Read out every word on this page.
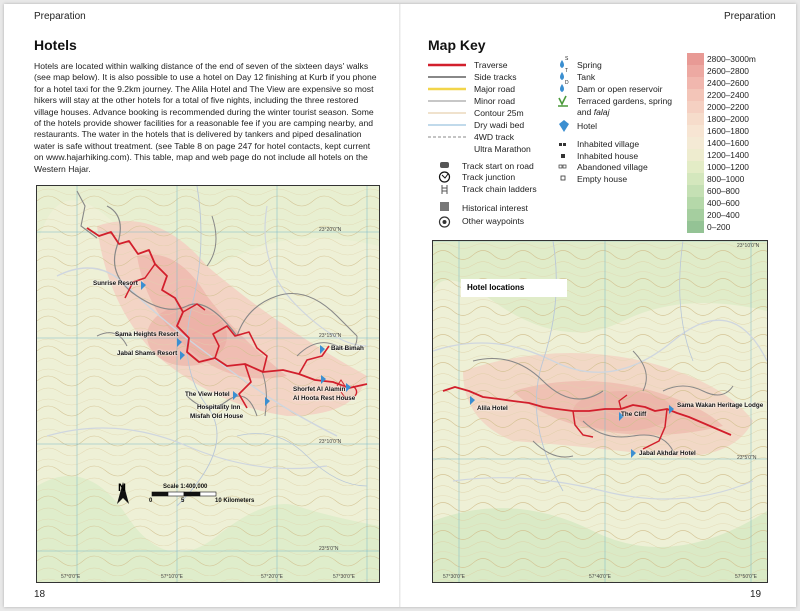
Preparation
Hotels

Hotels are located within walking distance of the end of seven of the sixteen days' walks (see map below). It is also possible to use a hotel on Day 12 finishing at Kurb if you phone for a hotel taxi for the 9.2km journey. The Alila Hotel and The View are expensive so most hikers will stay at the other hotels for a total of five nights, including the three restored village houses. Advance booking is recommended during the winter tourist season. Some of the hotels provide shower facilities for a reasonable fee if you are camping nearby, and restaurants. The water in the hotels that is delivered by tankers and piped desalination water is safe without treatment. (see Table 8 on page 247 for hotel contacts, kept current on www.hajarhiking.com). This table, map and web page do not include all hotels on the Western Hajar.

23°20'0"N
23°15'0"N
23°10'0"N
23°5'0"N
57°0'0"E	57°10'0"E	57°20'0"E	57°30'0"E
Sunrise Resort
Sama Heights Resort
Jabal Shams Resort
Bait Bimah
Shorfet Al Alamin
Al Hoota Rest House
The View Hotel
Hospitality Inn
Misfah Old House
N	Scale 1:400,000
0	5	10 Kilometers
18
Preparation
Map Key
Traverse
Side tracks
Major road
Minor road
Contour 25m
Dry wadi bed
4WD track
Ultra Marathon
Track start on road
Track junction
Track chain ladders
Historical interest
Other waypoints
S
T
D
Spring
Tank
Dam or open reservoir
Terraced gardens, spring
and falaj
Hotel
Inhabited village
Inhabited house
Abandoned village
Empty house
2800–3000m
2600–2800
2400–2600
2200–2400
2000–2200
1800–2000
1600–1800
1400–1600
1200–1400
1000–1200
800–1000
600–800
400–600
200–400
0–200
23°10'0"N
23°5'0"N
57°30'0"E	57°40'0"E	57°50'0"E
Alila Hotel
The Cliff
Sama Wakan Heritage Lodge
Jabal Akhdar Hotel
Hotel locations
19
